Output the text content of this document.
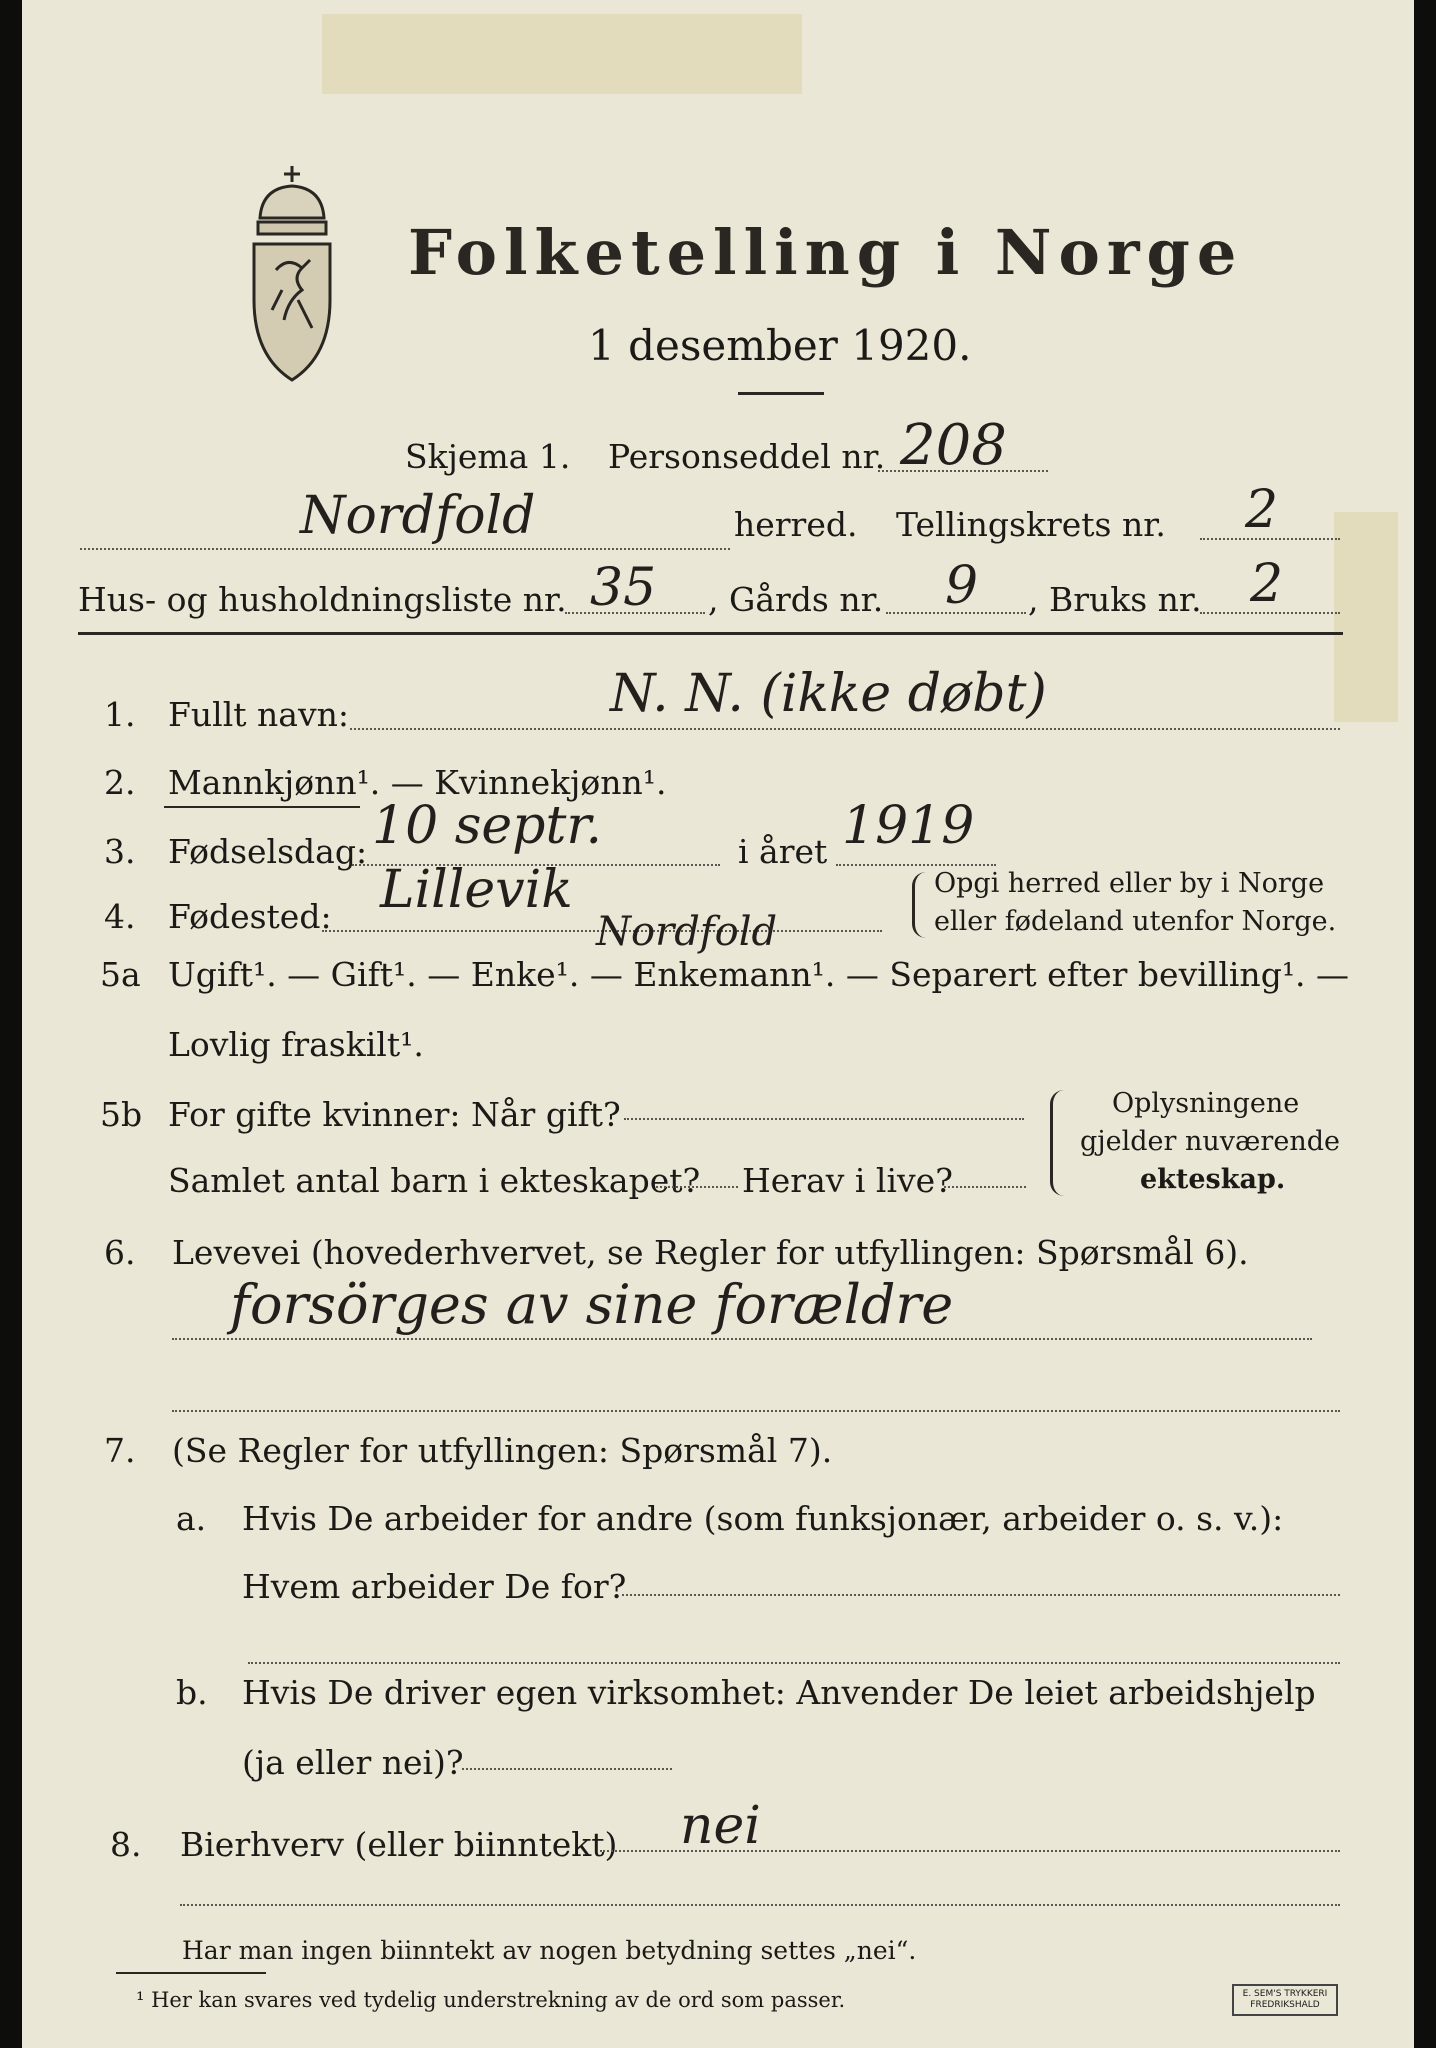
Folketelling i Norge
1 desember 1920.
Skjema 1. Personseddel nr. 208
Nordfold	herred. Tellingskrets nr. 2
Hus- og husholdningsliste nr. 35 , Gårds nr. 9 , Bruks nr. 2
1. Fullt navn:	N. N. (ikke døbt)
2. Mannkjønn¹. — Kvinnekjønn¹.
3. Fødselsdag: 10 septr.	i året 1919
4. Fødested: Lillevik
Nordfold
Opgi herred eller by i Norge
eller fødeland utenfor Norge.
5a Ugift¹. — Gift¹. — Enke¹. — Enkemann¹. — Separert efter bevilling¹. —
Lovlig fraskilt¹.
5b For gifte kvinner: Når gift?
Samlet antal barn i ekteskapet? Herav i live?
Oplysningene
gjelder nuværende
ekteskap.
6. Levevei (hovederhvervet, se Regler for utfyllingen: Spørsmål 6).
forsörges av sine forældre
7. (Se Regler for utfyllingen: Spørsmål 7).
a. Hvis De arbeider for andre (som funksjonær, arbeider o. s. v.):
Hvem arbeider De for?
b. Hvis De driver egen virksomhet: Anvender De leiet arbeidshjelp
(ja eller nei)?
8. Bierhverv (eller biinntekt) nei
Har man ingen biinntekt av nogen betydning settes „nei“.
¹ Her kan svares ved tydelig understrekning av de ord som passer.	E. SEM'S TRYKKERI
FREDRIKSHALD
